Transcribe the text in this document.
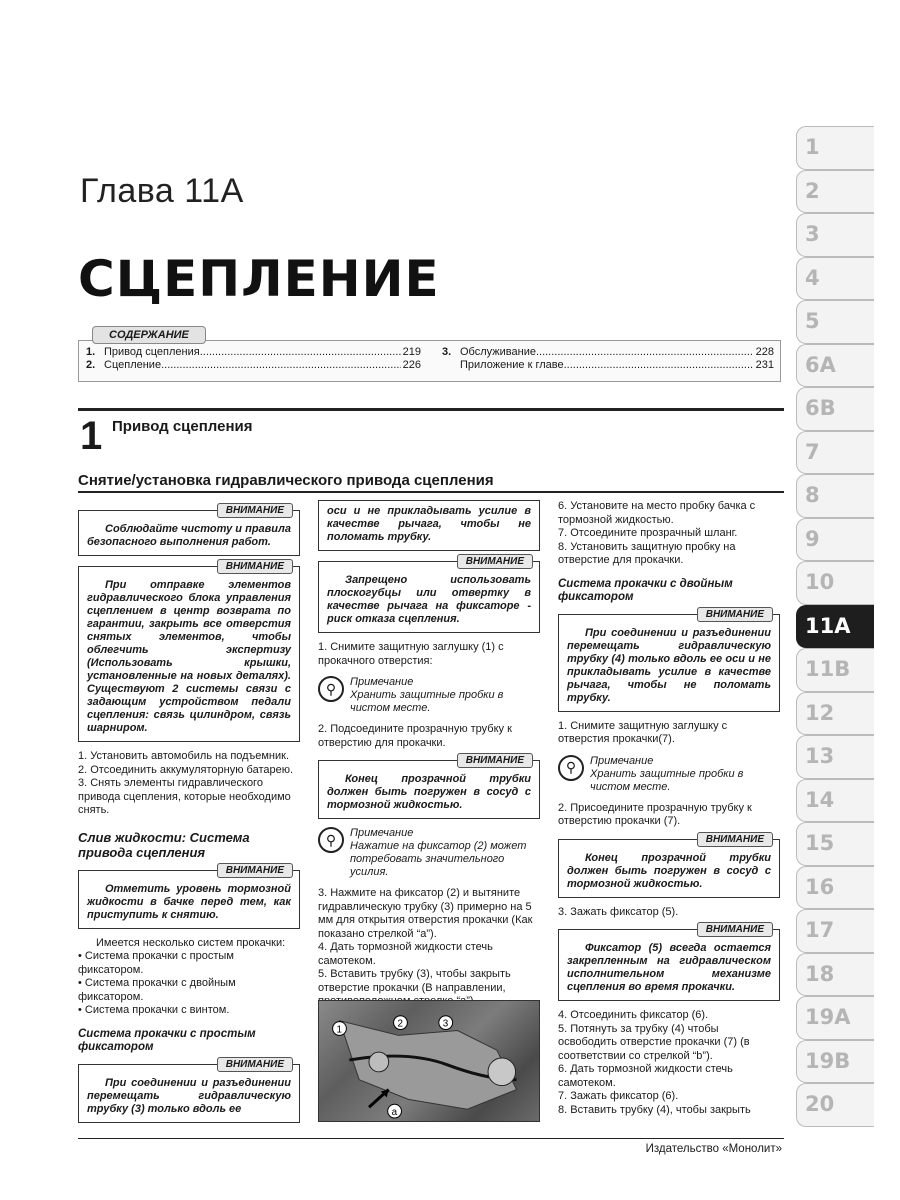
Глава 11А
СЦЕПЛЕНИЕ
СОДЕРЖАНИЕ
1. Привод сцепления .....	219
2. Сцепление .....	226
3. Обслуживание .....	228
Приложение к главе .....	231
1 Привод сцепления
Снятие/установка гидравлического привода сцепления
ВНИМАНИЕ
Соблюдайте чистоту и правила безопасного выполнения работ.
ВНИМАНИЕ
При отправке элементов гидравлического блока управления сцеплением в центр возврата по гарантии, закрыть все отверстия снятых элементов, чтобы облегчить экспертизу (Использовать крышки, установленные на новых деталях). Существуют 2 системы связи с задающим устройством педали сцепления: связь цилиндром, связь шарниром.

1. Установить автомобиль на подъемник.

2. Отсоединить аккумуляторную батарею.

3. Снять элементы гидравлического привода сцепления, которые необходимо снять.

Слив жидкости: Система привода сцепления
ВНИМАНИЕ
Отметить уровень тормозной жидкости в бачке перед тем, как приступить к снятию.

Имеется несколько систем прокачки:

• Система прокачки с простым фиксатором.

• Система прокачки с двойным фиксатором.

• Система прокачки с винтом.

Система прокачки с простым фиксатором
ВНИМАНИЕ
При соединении и разъединении перемещать гидравлическую трубку (3) только вдоль ее
оси и не прикладывать усилие в качестве рычага, чтобы не поломать трубку.
ВНИМАНИЕ
Запрещено использовать плоскогубцы или отвертку в качестве рычага на фиксаторе - риск отказа сцепления.

1. Снимите защитную заглушку (1) с прокачного отверстия:

⚲	Примечание
Хранить защитные пробки в чистом месте.

2. Подсоедините прозрачную трубку к отверстию для прокачки.

ВНИМАНИЕ
Конец прозрачной трубки должен быть погружен в сосуд с тормозной жидкостью.
⚲	Примечание
Нажатие на фиксатор (2) может потребовать значительного усилия.

3. Нажмите на фиксатор (2) и вытяните гидравлическую трубку (3) примерно на 5 мм для открытия отверстия прокачки (Как показано стрелкой “a”).

4. Дать тормозной жидкости стечь самотеком.

5. Вставить трубку (3), чтобы закрыть отверстие прокачки (В направлении,

1
2	3
a

6. Установите на место пробку бачка с тормозной жидкостью.

7. Отсоедините прозрачный шланг.

8. Установить защитную пробку на отверстие для прокачки.

Система прокачки с двойным фиксатором
ВНИМАНИЕ
При соединении и разъединении перемещать гидравлическую трубку (4) только вдоль ее оси и не прикладывать усилие в качестве рычага, чтобы не поломать трубку.

1. Снимите защитную заглушку с отверстия прокачки(7).

⚲	Примечание
Хранить защитные пробки в чистом месте.

2. Присоедините прозрачную трубку к отверстию прокачки (7).

ВНИМАНИЕ
Конец прозрачной трубки должен быть погружен в сосуд с тормозной жидкостью.

3. Зажать фиксатор (5).

ВНИМАНИЕ
Фиксатор (5) всегда остается закрепленным на гидравлическом исполнительном механизме сцепления во время прокачки.

4. Отсоединить фиксатор (6).

5. Потянуть за трубку (4) чтобы освободить отверстие прокачки (7) (в соответствии со стрелкой “b”).

6. Дать тормозной жидкости стечь самотеком.

7. Зажать фиксатор (6).

8. Вставить трубку (4), чтобы закрыть

Издательство «Монолит»
1
2
3
4
5
6A
6B
7
8
9
10
11A
11B
12
13
14
15
16
17
18
19A
19B
20
